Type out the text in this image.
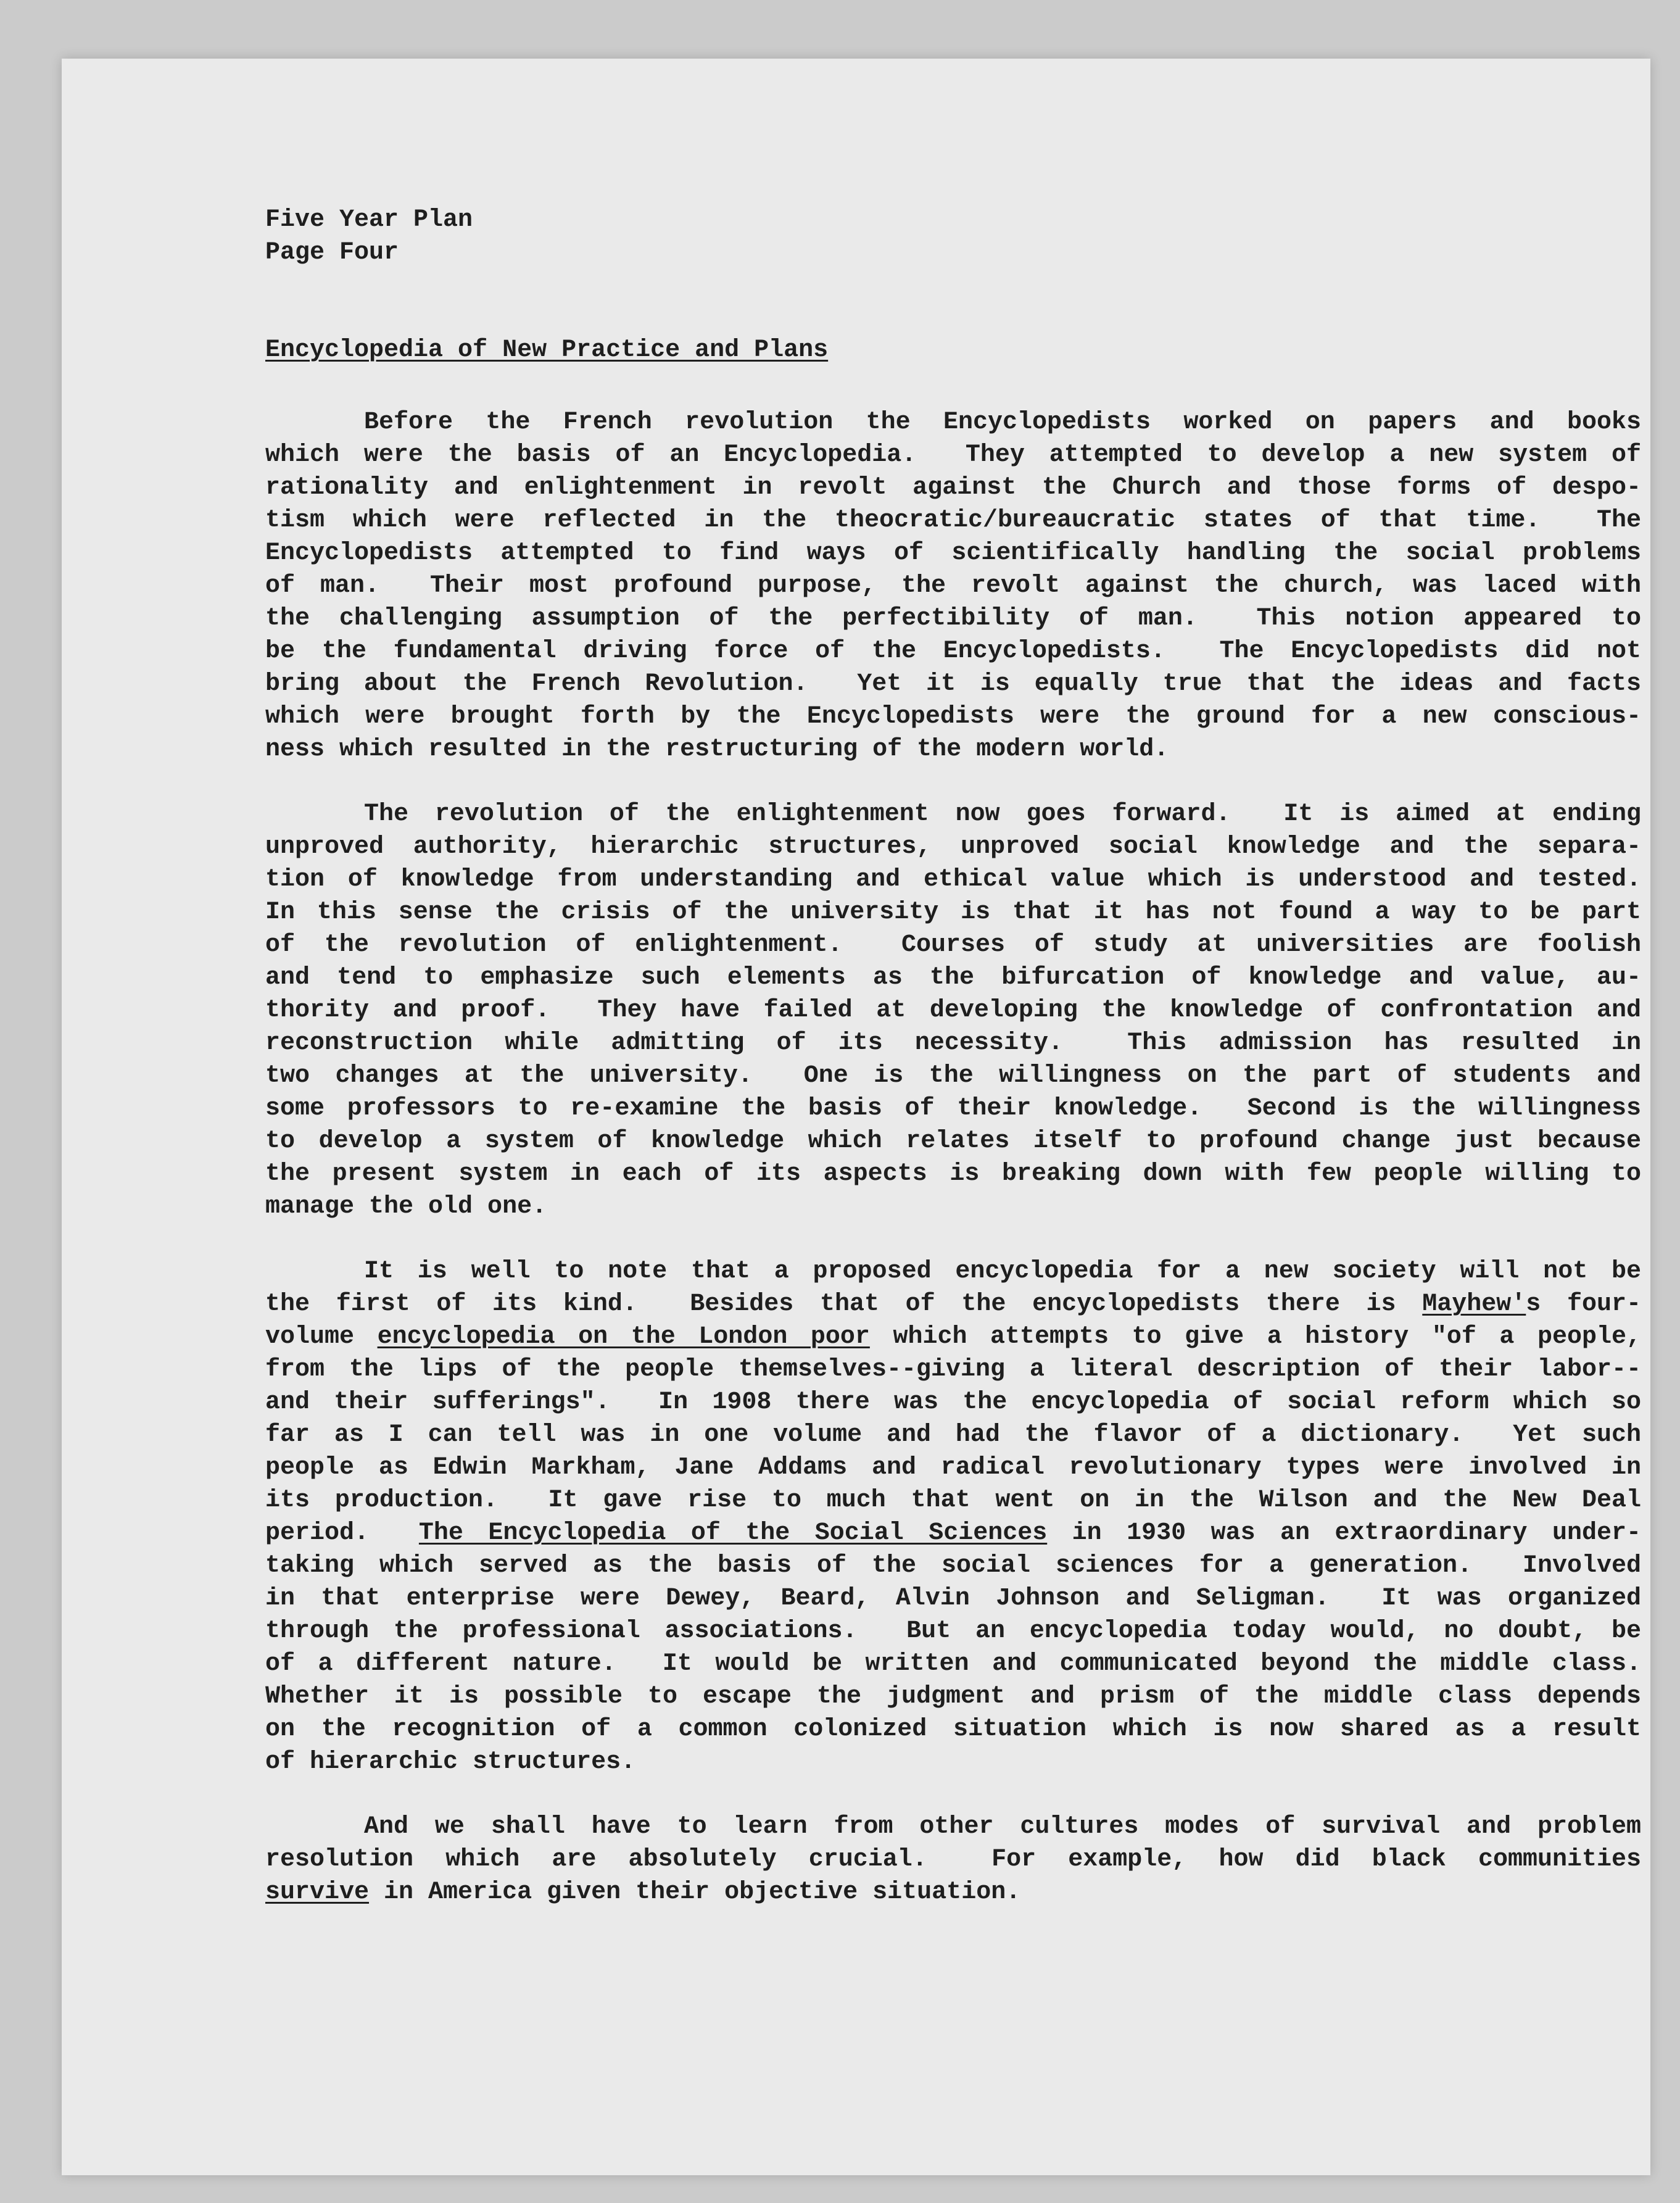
Five Year Plan
Page Four
Encyclopedia of New Practice and Plans
Before the French revolution the Encyclopedists worked on papers and books
which were the basis of an Encyclopedia.  They attempted to develop a new system of
rationality and enlightenment in revolt against the Church and those forms of despo-
tism which were reflected in the theocratic/bureaucratic states of that time.  The
Encyclopedists attempted to find ways of scientifically handling the social problems
of man.  Their most profound purpose, the revolt against the church, was laced with
the challenging assumption of the perfectibility of man.  This notion appeared to
be the fundamental driving force of the Encyclopedists.  The Encyclopedists did not
bring about the French Revolution.  Yet it is equally true that the ideas and facts
which were brought forth by the Encyclopedists were the ground for a new conscious-
ness which resulted in the restructuring of the modern world.
The revolution of the enlightenment now goes forward.  It is aimed at ending
unproved authority, hierarchic structures, unproved social knowledge and the separa-
tion of knowledge from understanding and ethical value which is understood and tested.
In this sense the crisis of the university is that it has not found a way to be part
of the revolution of enlightenment.  Courses of study at universities are foolish
and tend to emphasize such elements as the bifurcation of knowledge and value, au-
thority and proof.  They have failed at developing the knowledge of confrontation and
reconstruction while admitting of its necessity.  This admission has resulted in
two changes at the university.  One is the willingness on the part of students and
some professors to re-examine the basis of their knowledge.  Second is the willingness
to develop a system of knowledge which relates itself to profound change just because
the present system in each of its aspects is breaking down with few people willing to
manage the old one.
It is well to note that a proposed encyclopedia for a new society will not be
the first of its kind.  Besides that of the encyclopedists there is Mayhew's four-
volume encyclopedia on the London poor which attempts to give a history "of a people,
from the lips of the people themselves--giving a literal description of their labor--
and their sufferings".  In 1908 there was the encyclopedia of social reform which so
far as I can tell was in one volume and had the flavor of a dictionary.  Yet such
people as Edwin Markham, Jane Addams and radical revolutionary types were involved in
its production.  It gave rise to much that went on in the Wilson and the New Deal
period.  The Encyclopedia of the Social Sciences in 1930 was an extraordinary under-
taking which served as the basis of the social sciences for a generation.  Involved
in that enterprise were Dewey, Beard, Alvin Johnson and Seligman.  It was organized
through the professional associations.  But an encyclopedia today would, no doubt, be
of a different nature.  It would be written and communicated beyond the middle class.
Whether it is possible to escape the judgment and prism of the middle class depends
on the recognition of a common colonized situation which is now shared as a result
of hierarchic structures.
And we shall have to learn from other cultures modes of survival and problem
resolution which are absolutely crucial.  For example, how did black communities
survive in America given their objective situation.
